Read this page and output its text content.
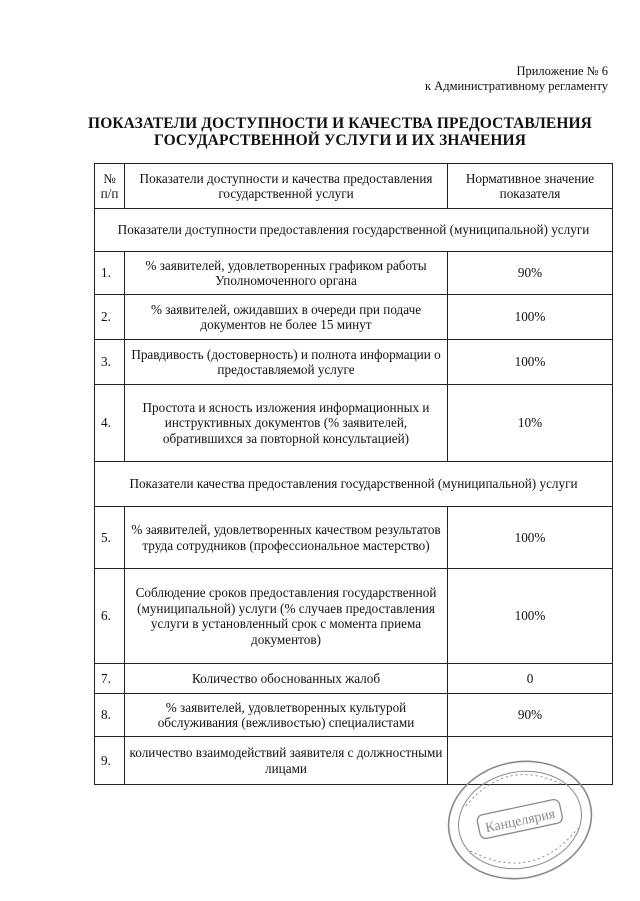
Приложение № 6
к Административному регламенту
ПОКАЗАТЕЛИ ДОСТУПНОСТИ И КАЧЕСТВА ПРЕДОСТАВЛЕНИЯ
ГОСУДАРСТВЕННОЙ УСЛУГИ И ИХ ЗНАЧЕНИЯ
№ п/п	Показатели доступности и качества предоставления государственной услуги	Нормативное значение показателя
Показатели доступности предоставления государственной (муниципальной) услуги		
1.	% заявителей, удовлетворенных графиком работы Уполномоченного органа	90%
2.	% заявителей, ожидавших в очереди при подаче документов не более 15 минут	100%
3.	Правдивость (достоверность) и полнота информации о предоставляемой услуге	100%
4.	Простота и ясность изложения информационных и инструктивных документов (% заявителей, обратившихся за повторной консультацией)	10%
Показатели качества предоставления государственной (муниципальной) услуги		
5.	% заявителей, удовлетворенных качеством результатов труда сотрудников (профессиональное мастерство)	100%
6.	Соблюдение сроков предоставления государственной (муниципальной) услуги (% случаев предоставления услуги в установленный срок с момента приема документов)	100%
7.	Количество обоснованных жалоб	0
8.	% заявителей, удовлетворенных культурой обслуживания (вежливостью) специалистами	90%
9.	количество взаимодействий заявителя с должностными лицами	
Канцелярия
